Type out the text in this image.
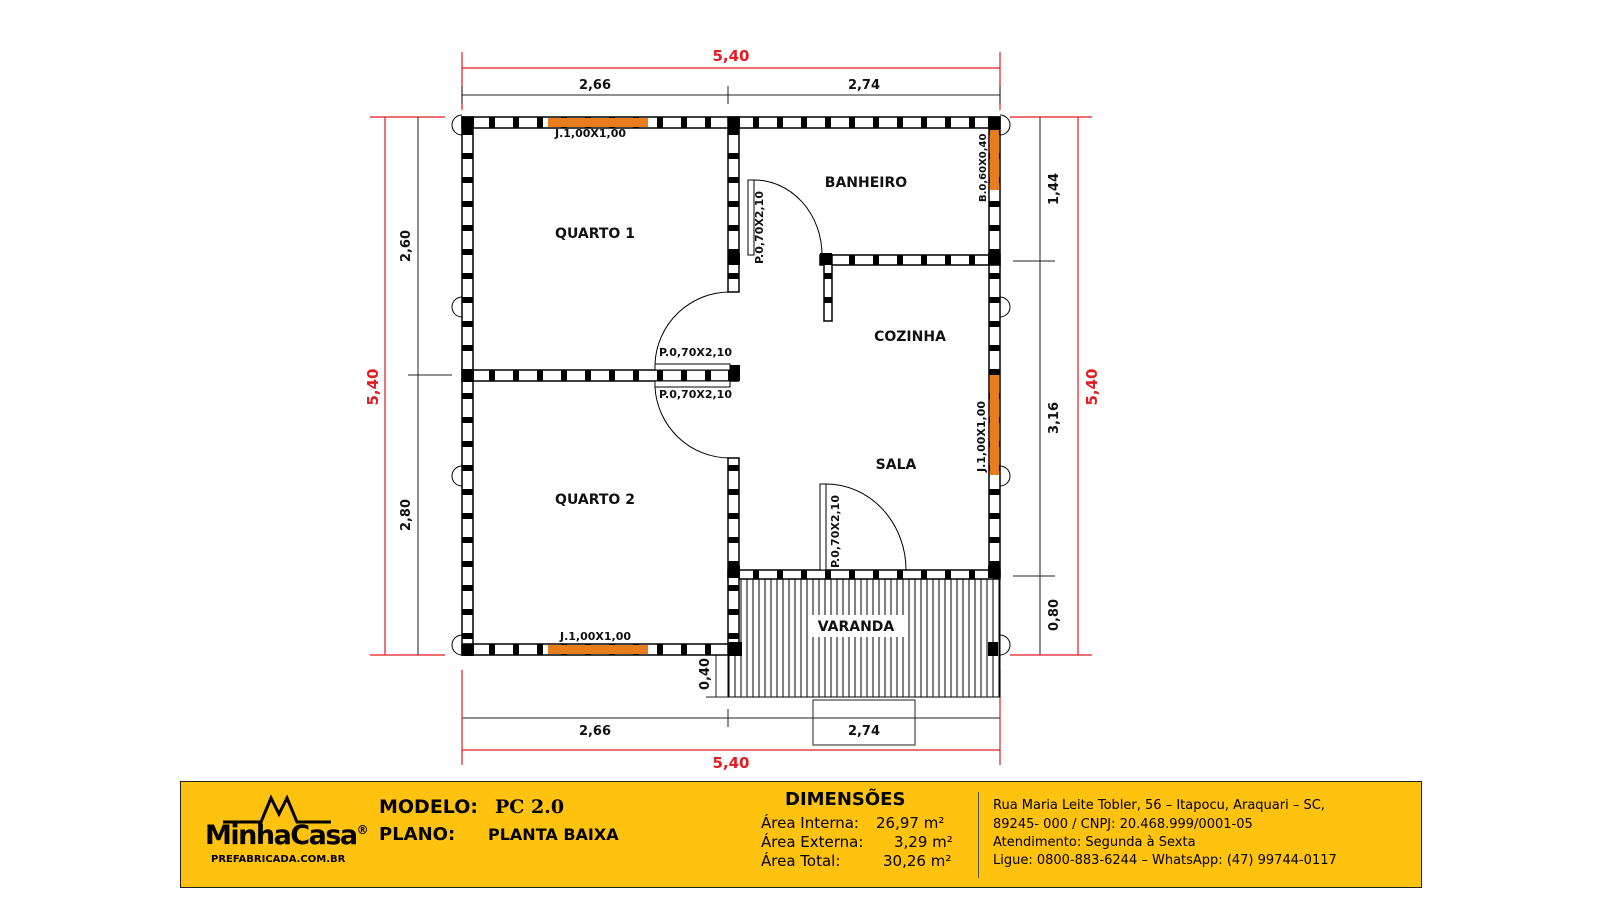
5,40
2,66	2,74
2,66	2,74
5,40
5,40
2,60
2,80
1,44
3,16
0,80
5,40
0,40
QUARTO 1
QUARTO 2
BANHEIRO
COZINHA
SALA
VARANDA
J.1,00X1,00
J.1,00X1,00
J.1,00X1,00
B.0,60X0,40
P.0,70X2,10
P.0,70X2,10
P.0,70X2,10
P.0,70X2,10
MinhaCasa®
PREFABRICADA.COM.BR
MODELO: PC 2.0
PLANO: PLANTA BAIXA
DIMENSÕES
Área Interna: 26,97 m²
Área Externa: 3,29 m²
Área Total:	30,26 m²
Rua Maria Leite Tobler, 56 – Itapocu, Araquari – SC,
89245- 000 / CNPJ: 20.468.999/0001-05
Atendimento: Segunda à Sexta
Ligue: 0800-883-6244 – WhatsApp: (47) 99744-0117
